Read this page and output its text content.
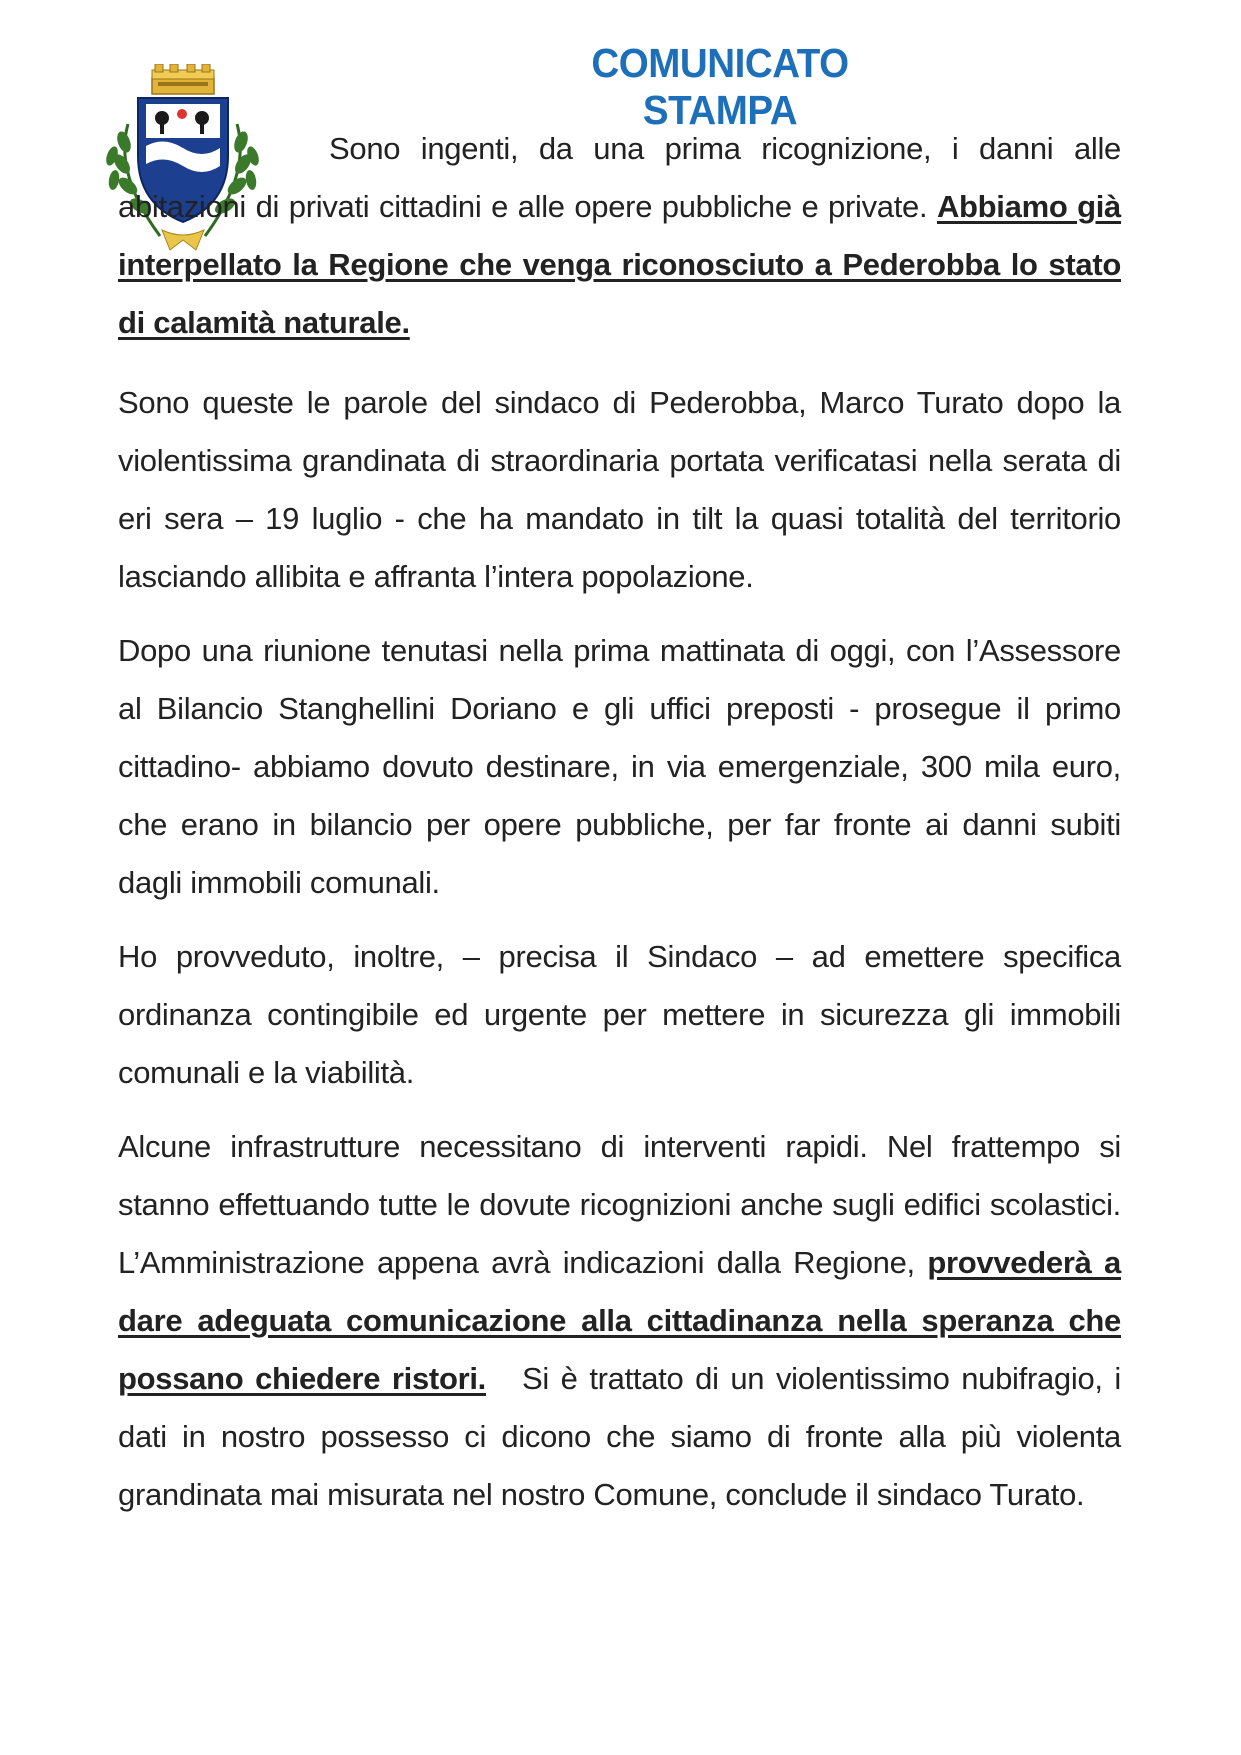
COMUNICATO STAMPA

Sono ingenti, da una prima ricognizione, i danni alle abitazioni di privati cittadini e alle opere pubbliche e private. Abbiamo già interpellato la Regione che venga riconosciuto a Pederobba lo stato di calamità naturale.

Sono queste le parole del sindaco di Pederobba, Marco Turato dopo la violentissima grandinata di straordinaria portata verificatasi nella serata di eri sera – 19 luglio - che ha mandato in tilt la quasi totalità del territorio lasciando allibita e affranta l’intera popolazione.

Dopo una riunione tenutasi nella prima mattinata di oggi, con l’Assessore al Bilancio Stanghellini Doriano e gli uffici preposti - prosegue il primo cittadino- abbiamo dovuto destinare, in via emergenziale, 300 mila euro, che erano in bilancio per opere pubbliche, per far fronte ai danni subiti dagli immobili comunali.

Ho provveduto, inoltre, – precisa il Sindaco – ad emettere specifica ordinanza contingibile ed urgente per mettere in sicurezza gli immobili comunali e la viabilità.

Alcune infrastrutture necessitano di interventi rapidi. Nel frattempo si stanno effettuando tutte le dovute ricognizioni anche sugli edifici scolastici. L’Amministrazione appena avrà indicazioni dalla Regione, provvederà a dare adeguata comunicazione alla cittadinanza nella speranza che possano chiedere ristori. Si è trattato di un violentissimo nubifragio, i dati in nostro possesso ci dicono che siamo di fronte alla più violenta grandinata mai misurata nel nostro Comune, conclude il sindaco Turato.
